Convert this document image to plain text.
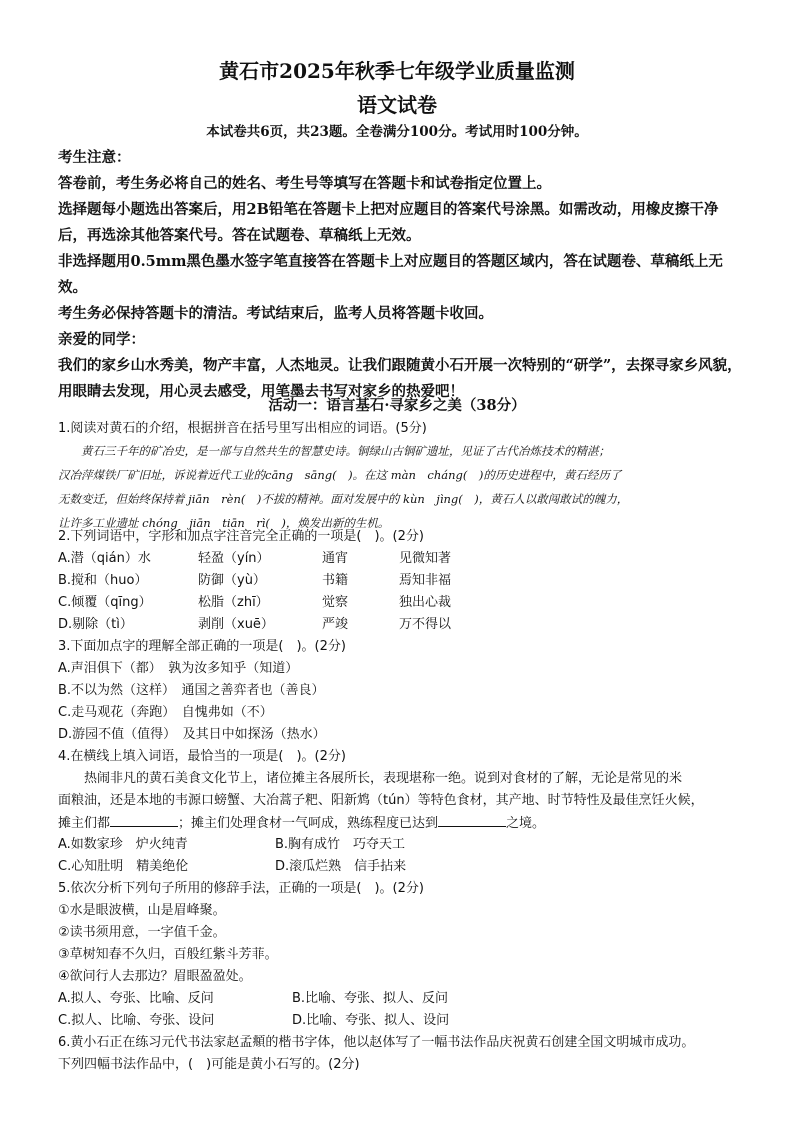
黄石市2025年秋季七年级学业质量监测
语文试卷
本试卷共6页，共23题。全卷满分100分。考试用时100分钟。
考生注意：
答卷前，考生务必将自己的姓名、考生号等填写在答题卡和试卷指定位置上。
选择题每小题选出答案后，用2B铅笔在答题卡上把对应题目的答案代号涂黑。如需改动，用橡皮擦干净后，再选涂其他答案代号。答在试题卷、草稿纸上无效。
非选择题用0.5mm黑色墨水签字笔直接答在答题卡上对应题目的答题区域内，答在试题卷、草稿纸上无效。
考生务必保持答题卡的清洁。考试结束后，监考人员将答题卡收回。
亲爱的同学：
我们的家乡山水秀美，物产丰富，人杰地灵。让我们跟随黄小石开展一次特别的“研学”，去探寻家乡风貌，用眼睛去发现，用心灵去感受，用笔墨去书写对家乡的热爱吧！
活动一：语言基石·寻家乡之美（38分）
1.阅读对黄石的介绍，根据拼音在括号里写出相应的词语。(5分)
黄石三千年的矿冶史，是一部与自然共生的智慧史诗。铜绿山古铜矿遗址，见证了古代冶炼技术的精湛；
汉冶萍煤铁厂矿旧址，诉说着近代工业的cāng　sāng(　)。在这 màn　cháng(　)的历史进程中，黄石经历了
无数变迁，但始终保持着 jiān　rèn(　)不拔的精神。面对发展中的 kùn　jìng(　)，黄石人以敢闯敢试的魄力，
让许多工业遗址 chóng　jiān　tiān　rì(　)，焕发出新的生机。
2.下列词语中，字形和加点字注音完全正确的一项是(　)。(2分)
A.潜（qián）水	轻盈（yín）	通宵	见微知著
B.搅和（huo）	防御（yù）	书籍	焉知非福
C.倾覆（qīng）	松脂（zhī）	觉察	独出心裁
D.剔除（tì）	剥削（xuē）	严竣	万不得以
3.下面加点字的理解全部正确的一项是(　)。(2分)
A.声泪俱下（都）　孰为汝多知乎（知道）
B.不以为然（这样）　通国之善弈者也（善良）
C.走马观花（奔跑）　自愧弗如（不）
D.游园不值（值得）　及其日中如探汤（热水）
4.在横线上填入词语，最恰当的一项是(　)。(2分)
热闹非凡的黄石美食文化节上，诸位摊主各展所长，表现堪称一绝。说到对食材的了解，无论是常见的米
面粮油，还是本地的韦源口螃蟹、大冶蒿子粑、阳新鸩（tún）等特色食材，其产地、时节特性及最佳烹饪火候，
摊主们都	；摊主们处理食材一气呵成，熟练程度已达到	之境。
A.如数家珍　炉火纯青	B.胸有成竹　巧夺天工
C.心知肚明　精美绝伦	D.滚瓜烂熟　信手拈来
5.依次分析下列句子所用的修辞手法，正确的一项是(　)。(2分)
①水是眼波横，山是眉峰聚。
②读书须用意，一字值千金。
③草树知春不久归，百般红紫斗芳菲。
④欲问行人去那边？眉眼盈盈处。
A.拟人、夸张、比喻、反问	B.比喻、夸张、拟人、反问
C.拟人、比喻、夸张、设问	D.比喻、夸张、拟人、设问
6.黄小石正在练习元代书法家赵孟頫的楷书字体，他以赵体写了一幅书法作品庆祝黄石创建全国文明城市成功。
下列四幅书法作品中，(　)可能是黄小石写的。(2分)
